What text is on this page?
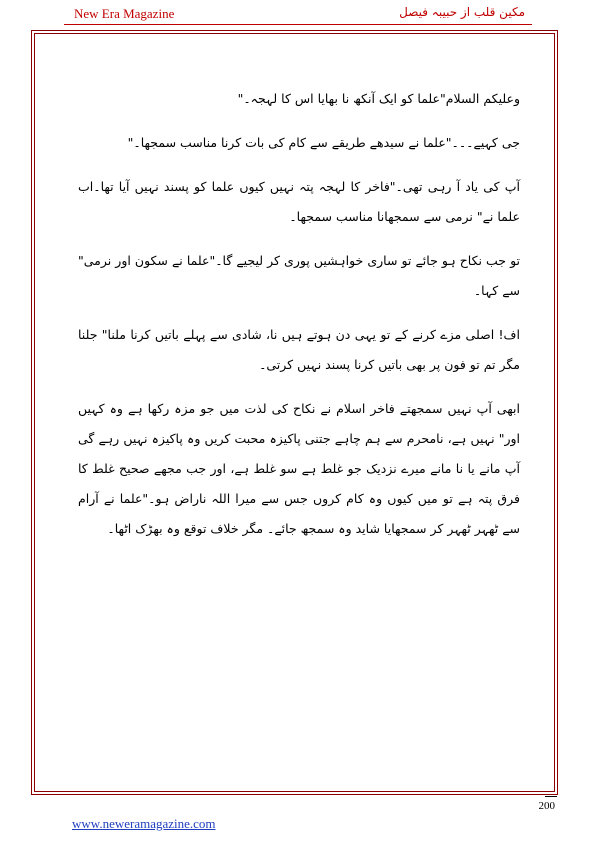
New Era Magazine	مکین قلب از حبیبہ فیصل

وعلیکم السلام"علما کو ایک آنکھ نا بھایا اس کا لہجہ۔"

جی کہیے۔۔۔"علما نے سیدھے طریقے سے کام کی بات کرنا مناسب سمجھا۔"

آپ کی یاد آ رہی تھی۔"فاخر کا لہجہ پتہ نہیں کیوں علما کو پسند نہیں آیا تھا۔اب علما نے" نرمی سے سمجھانا مناسب سمجھا۔

تو جب نکاح ہو جائے تو ساری خواہشیں پوری کر لیجیے گا۔"علما نے سکون اور نرمی" سے کہا۔

اف! اصلی مزے کرنے کے تو یہی دن ہوتے ہیں نا، شادی سے پہلے باتیں کرنا ملنا" جلنا مگر تم تو فون پر بھی باتیں کرنا پسند نہیں کرتی۔

ابھی آپ نہیں سمجھتے فاخر اسلام نے نکاح کی لذت میں جو مزہ رکھا ہے وہ کہیں اور" نہیں ہے، نامحرم سے ہم چاہے جتنی پاکیزہ محبت کریں وہ پاکیزہ نہیں رہے گی آپ مانے یا نا مانے میرے نزدیک جو غلط ہے سو غلط ہے، اور جب مجھے صحیح غلط کا فرق پتہ ہے تو میں کیوں وہ کام کروں جس سے میرا اللہ ناراض ہو۔"علما نے آرام سے ٹھہر ٹھہر کر سمجھایا شاید وہ سمجھ جائے۔ مگر خلاف توقع وہ بھڑک اٹھا۔

200
www.neweramagazine.com
